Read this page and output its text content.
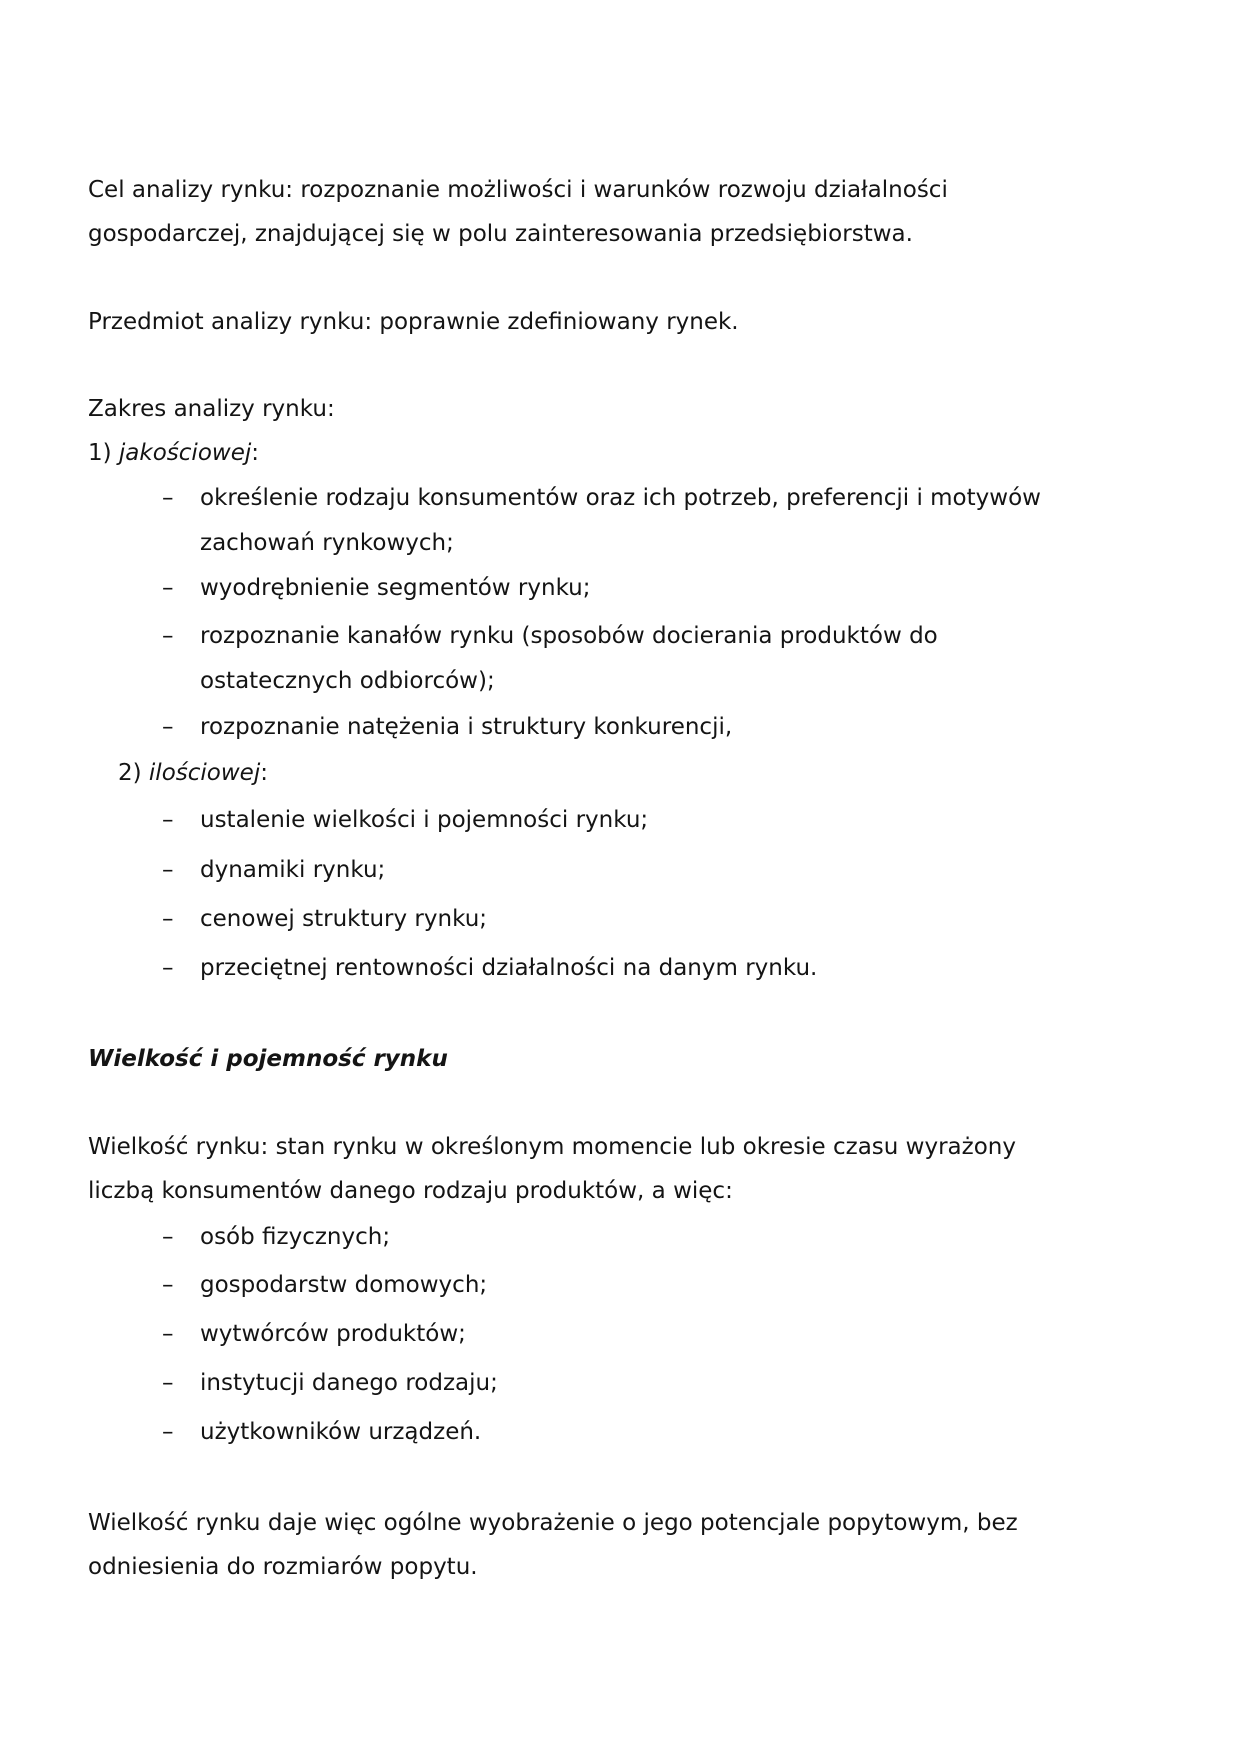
Cel analizy rynku: rozpoznanie możliwości i warunków rozwoju działalności
gospodarczej, znajdującej się w polu zainteresowania przedsiębiorstwa.
Przedmiot analizy rynku: poprawnie zdefiniowany rynek.
Zakres analizy rynku:
1) jakościowej:
– określenie rodzaju konsumentów oraz ich potrzeb, preferencji i motywów
zachowań rynkowych;
– wyodrębnienie segmentów rynku;
– rozpoznanie kanałów rynku (sposobów docierania produktów do
ostatecznych odbiorców);
– rozpoznanie natężenia i struktury konkurencji,
2) ilościowej:
– ustalenie wielkości i pojemności rynku;
– dynamiki rynku;
– cenowej struktury rynku;
– przeciętnej rentowności działalności na danym rynku.
Wielkość i pojemność rynku
Wielkość rynku: stan rynku w określonym momencie lub okresie czasu wyrażony
liczbą konsumentów danego rodzaju produktów, a więc:
– osób fizycznych;
– gospodarstw domowych;
– wytwórców produktów;
– instytucji danego rodzaju;
– użytkowników urządzeń.
Wielkość rynku daje więc ogólne wyobrażenie o jego potencjale popytowym, bez
odniesienia do rozmiarów popytu.
